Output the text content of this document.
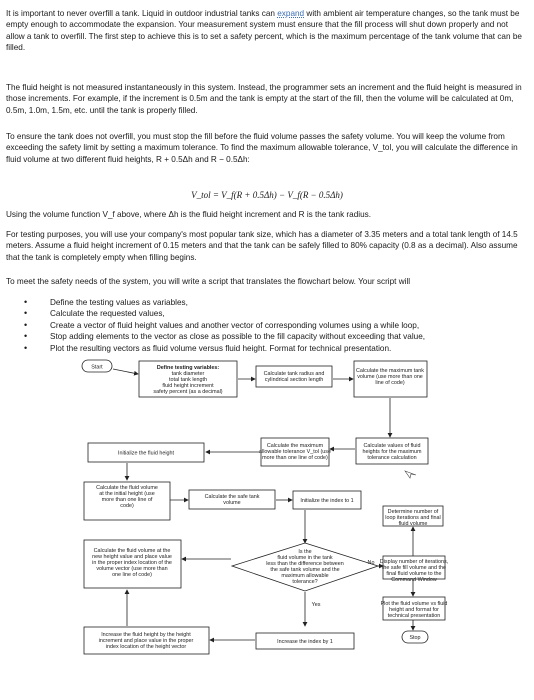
It is important to never overfill a tank. Liquid in outdoor industrial tanks can expand with ambient air temperature changes, so the tank must be empty enough to accommodate the expansion. Your measurement system must ensure that the fill process will shut down properly and not allow a tank to overfill. The first step to achieve this is to set a safety percent, which is the maximum percentage of the tank volume that can be filled.

The fluid height is not measured instantaneously in this system. Instead, the programmer sets an increment and the fluid height is measured in those increments. For example, if the increment is 0.5m and the tank is empty at the start of the fill, then the volume will be calculated at 0m, 0.5m, 1.0m, 1.5m, etc. until the tank is properly filled.

To ensure the tank does not overfill, you must stop the fill before the fluid volume passes the safety volume. You will keep the volume from exceeding the safety limit by setting a maximum tolerance. To find the maximum allowable tolerance, V_tol, you will calculate the difference in fluid volume at two different fluid heights, R + 0.5Δh and R − 0.5Δh:

V_tol = V_f(R + 0.5Δh) − V_f(R − 0.5Δh)

Using the volume function V_f above, where Δh is the fluid height increment and R is the tank radius.

For testing purposes, you will use your company's most popular tank size, which has a diameter of 3.35 meters and a total tank length of 14.5 meters. Assume a fluid height increment of 0.15 meters and that the tank can be safely filled to 80% capacity (0.8 as a decimal). Also assume that the tank is completely empty when filling begins.

To meet the safety needs of the system, you will write a script that translates the flowchart below. Your script will

• Define the testing values as variables,
• Calculate the requested values,
• Create a vector of fluid height values and another vector of corresponding volumes using a while loop,
• Stop adding elements to the vector as close as possible to the fill capacity without exceeding that value,
• Plot the resulting vectors as fluid volume versus fluid height. Format for technical presentation.
Start	Define testing variables:
tank diameter
total tank length
fluid height increment
safety percent (as a decimal)
Calculate tank radius and
cylindrical section length
Calculate the maximum tank
volume (use more than one
line of code)
Calculate values of fluid
heights for the maximum
tolerance calculation
Calculate the maximum
allowable tolerance V_tol (use
more than one line of code)
Initialize the fluid height
Calculate the fluid volume
at the initial height (use
more than one line of
code)
Calculate the safe tank
volume	Initialize the index to 1
Determine number of
loop iterations and final
fluid volume
Calculate the fluid volume at the
new height value and place value
in the proper index location of the
volume vector (use more than
one line of code)
Is the
fluid volume in the tank
less than the difference between
the safe tank volume and the
maximum allowable
tolerance?
No
Yes
Display number of iterations,
the safe fill volume and the
final fluid volume to the
Command Window
Plot the fluid volume vs fluid
height and format for
technical presentation
Increase the fluid height by the height
increment and place value in the proper
index location of the height vector
Increase the index by 1
Stop
